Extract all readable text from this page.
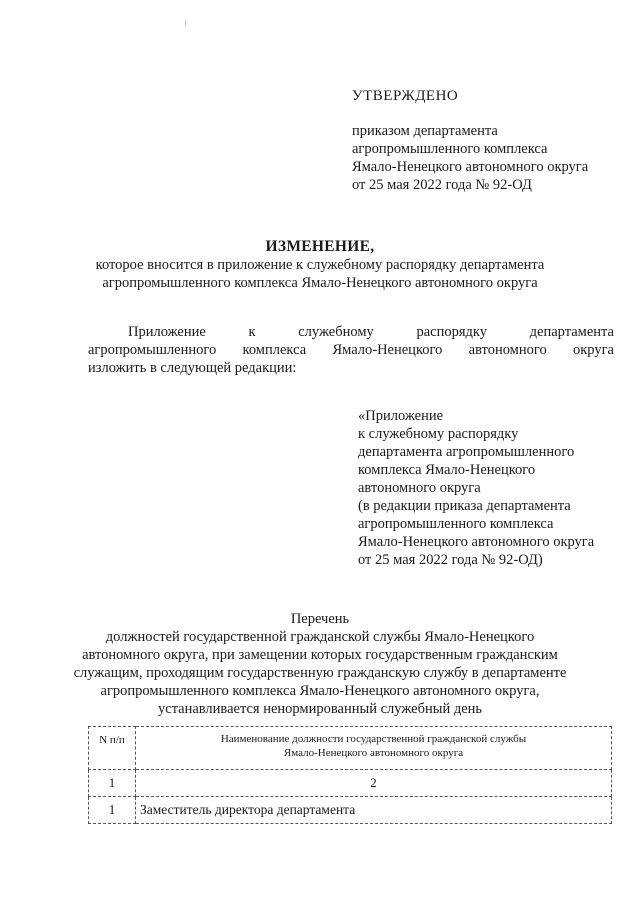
УТВЕРЖДЕНО
приказом департамента
агропромышленного комплекса
Ямало-Ненецкого автономного округа
от 25 мая 2022 года № 92-ОД
ИЗМЕНЕНИЕ,
которое вносится в приложение к служебному распорядку департамента
агропромышленного комплекса Ямало-Ненецкого автономного округа
Приложение к служебному распорядку департамента
агропромышленного комплекса Ямало-Ненецкого автономного округа
изложить в следующей редакции:
«Приложение
к служебному распорядку
департамента агропромышленного
комплекса Ямало-Ненецкого
автономного округа
(в редакции приказа департамента
агропромышленного комплекса
Ямало-Ненецкого автономного округа
от 25 мая 2022 года № 92-ОД)
Перечень
должностей государственной гражданской службы Ямало-Ненецкого
автономного округа, при замещении которых государственным гражданским
служащим, проходящим государственную гражданскую службу в департаменте
агропромышленного комплекса Ямало-Ненецкого автономного округа,
устанавливается ненормированный служебный день
N п/п	Наименование должности государственной гражданской службы
Ямало-Ненецкого автономного округа

1	2
1	Заместитель директора департамента
